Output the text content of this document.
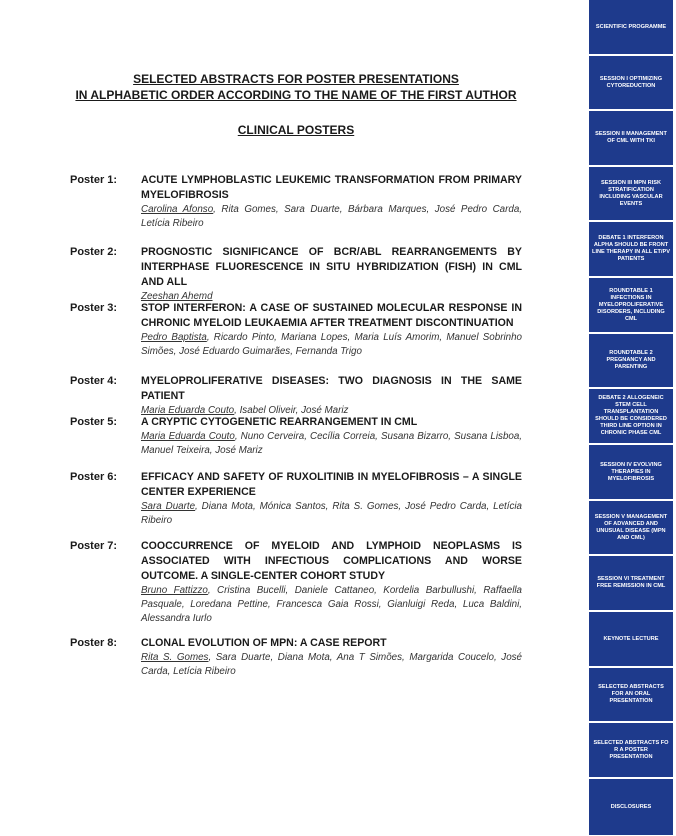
SELECTED ABSTRACTS FOR POSTER PRESENTATIONS
IN ALPHABETIC ORDER ACCORDING TO THE NAME OF THE FIRST AUTHOR
CLINICAL POSTERS
Poster 1: ACUTE LYMPHOBLASTIC LEUKEMIC TRANSFORMATION FROM PRIMARY MYELOFIBROSIS
Carolina Afonso, Rita Gomes, Sara Duarte, Bárbara Marques, José Pedro Carda, Letícia Ribeiro
Poster 2: PROGNOSTIC SIGNIFICANCE OF BCR/ABL REARRANGEMENTS BY INTERPHASE FLUORESCENCE IN SITU HYBRIDIZATION (FISH) IN CML AND ALL
Zeeshan Ahemd
Poster 3: STOP INTERFERON: A CASE OF SUSTAINED MOLECULAR RESPONSE IN CHRONIC MYELOID LEUKAEMIA AFTER TREATMENT DISCONTINUATION
Pedro Baptista, Ricardo Pinto, Mariana Lopes, Maria Luís Amorim, Manuel Sobrinho Simões, José Eduardo Guimarães, Fernanda Trigo
Poster 4: MYELOPROLIFERATIVE DISEASES: TWO DIAGNOSIS IN THE SAME PATIENT
Maria Eduarda Couto, Isabel Oliveir, José Mariz
Poster 5: A CRYPTIC CYTOGENETIC REARRANGEMENT IN CML
Maria Eduarda Couto, Nuno Cerveira, Cecília Correia, Susana Bizarro, Susana Lisboa, Manuel Teixeira, José Mariz
Poster 6: EFFICACY AND SAFETY OF RUXOLITINIB IN MYELOFIBROSIS – A SINGLE CENTER EXPERIENCE
Sara Duarte, Diana Mota, Mónica Santos, Rita S. Gomes, José Pedro Carda, Letícia Ribeiro
Poster 7: COOCCURRENCE OF MYELOID AND LYMPHOID NEOPLASMS IS ASSOCIATED WITH INFECTIOUS COMPLICATIONS AND WORSE OUTCOME. A SINGLE-CENTER COHORT STUDY
Bruno Fattizzo, Cristina Bucelli, Daniele Cattaneo, Kordelia Barbullushi, Raffaella Pasquale, Loredana Pettine, Francesca Gaia Rossi, Gianluigi Reda, Luca Baldini, Alessandra Iurlo
Poster 8: CLONAL EVOLUTION OF MPN: A CASE REPORT
Rita S. Gomes, Sara Duarte, Diana Mota, Ana T Simões, Margarida Coucelo, José Carda, Letícia Ribeiro
SCIENTIFIC PROGRAMME
SESSION I OPTIMIZING CYTOREDUCTION
SESSION II MANAGEMENT OF CML WITH TKI
SESSION III MPN RISK STRATIFICATION INCLUDING VASCULAR EVENTS
DEBATE 1 INTERFERON ALPHA SHOULD BE FRONT LINE THERAPY IN ALL ET/PV PATIENTS
ROUNDTABLE 1 INFECTIONS IN MYELOPROLIFERATIVE DISORDERS, INCLUDING CML
ROUNDTABLE 2 PREGNANCY AND PARENTING
DEBATE 2 ALLOGENEIC STEM CELL TRANSPLANTATION SHOULD BE CONSIDERED THIRD LINE OPTION IN CHRONIC PHASE CML
SESSION IV EVOLVING THERAPIES IN MYELOFIBROSIS
SESSION V MANAGEMENT OF ADVANCED AND UNUSUAL DISEASE (MPN AND CML)
SESSION VI TREATMENT FREE REMISSION IN CML
KEYNOTE LECTURE
SELECTED ABSTRACTS FOR AN ORAL PRESENTATION
SELECTED ABSTRACTS FO R A POSTER PRESENTATION
DISCLOSURES
